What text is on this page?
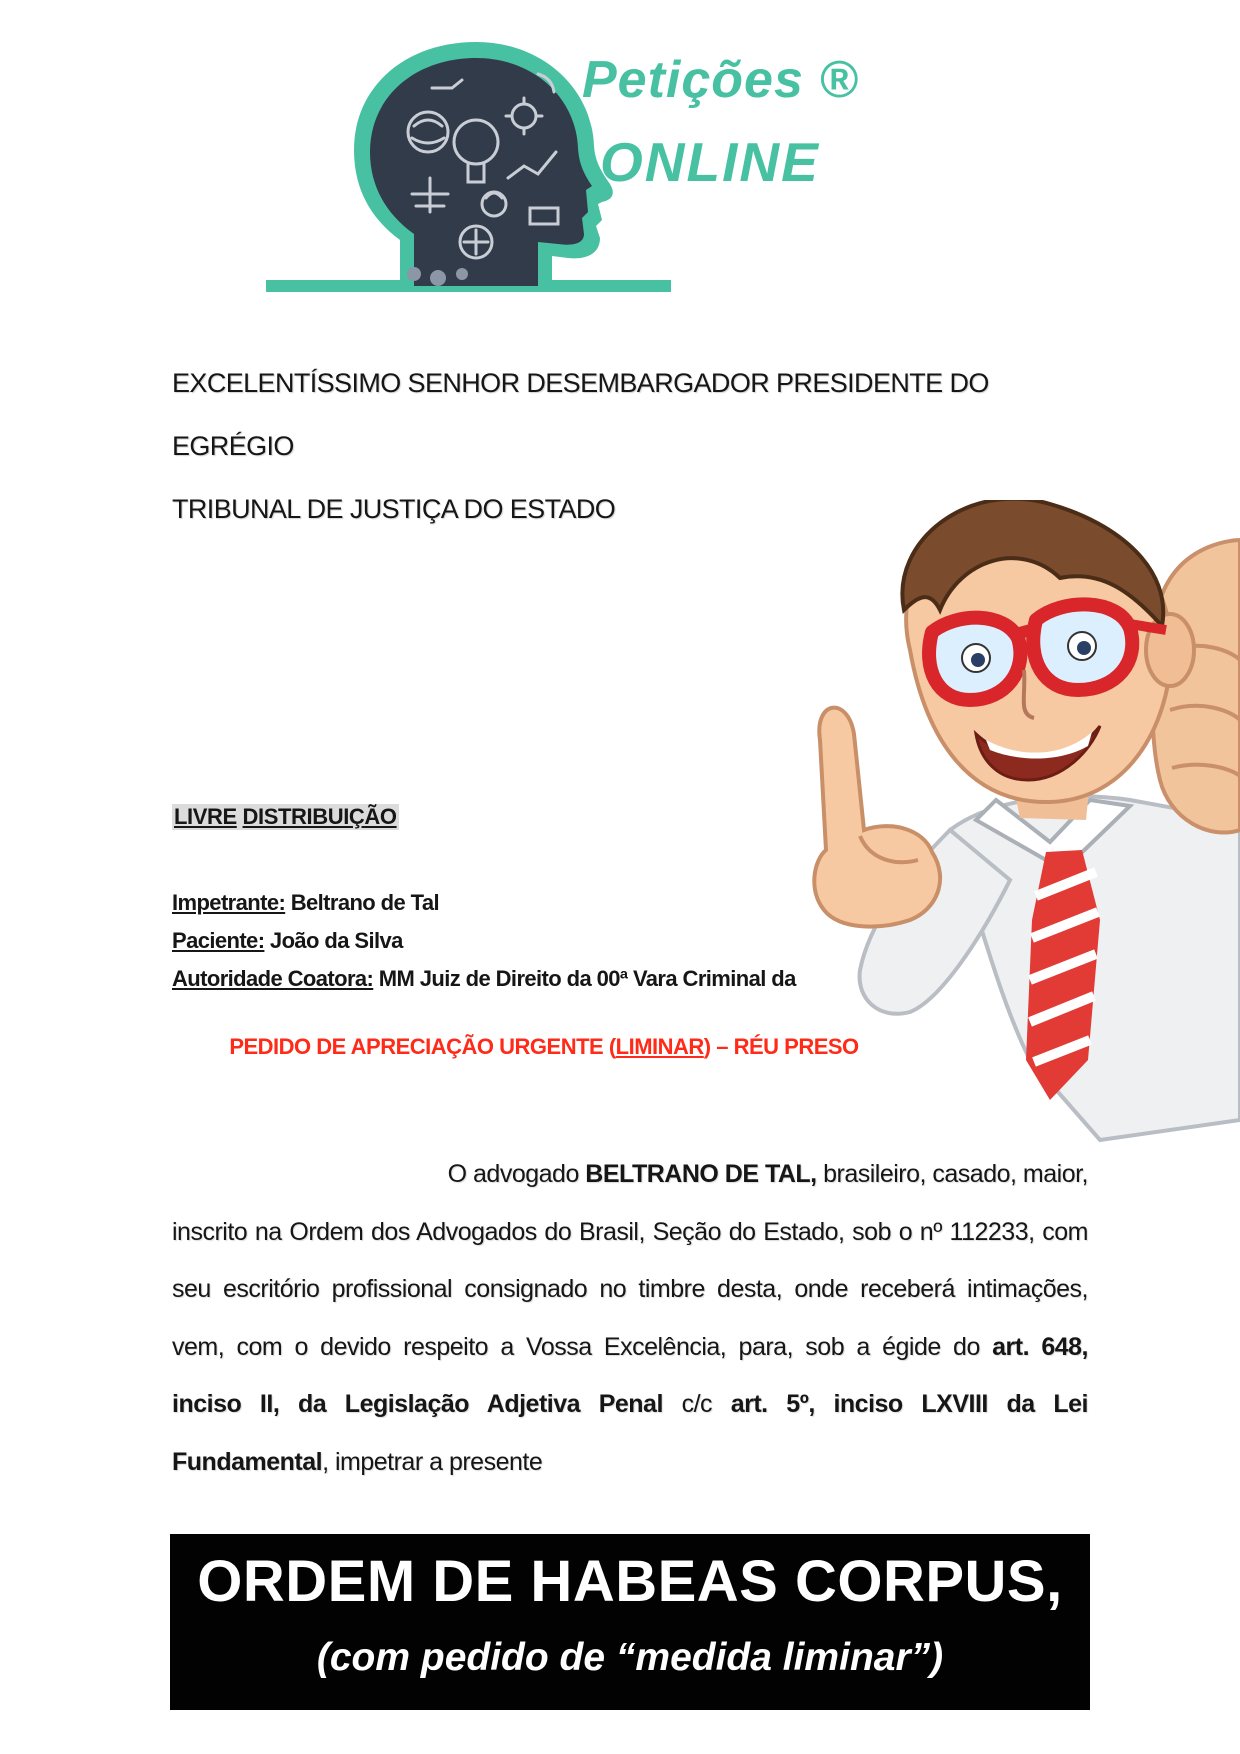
Petições ®
ONLINE
EXCELENTÍSSIMO SENHOR DESEMBARGADOR PRESIDENTE DO EGRÉGIO
TRIBUNAL DE JUSTIÇA DO ESTADO
LIVRE DISTRIBUIÇÃO
Impetrante: Beltrano de Tal
Paciente: João da Silva
Autoridade Coatora: MM Juiz de Direito da 00ª Vara Criminal da
PEDIDO DE APRECIAÇÃO URGENTE (LIMINAR) – RÉU PRESO
O advogado BELTRANO DE TAL, brasileiro, casado, maior,
inscrito na Ordem dos Advogados do Brasil, Seção do Estado, sob o nº 112233, com
seu escritório profissional consignado no timbre desta, onde receberá intimações,
vem, com o devido respeito a Vossa Excelência, para, sob a égide do art. 648,
inciso II, da Legislação Adjetiva Penal c/c art. 5º, inciso LXVIII da Lei
Fundamental, impetrar a presente
ORDEM DE HABEAS CORPUS,
(com pedido de “medida liminar”)
